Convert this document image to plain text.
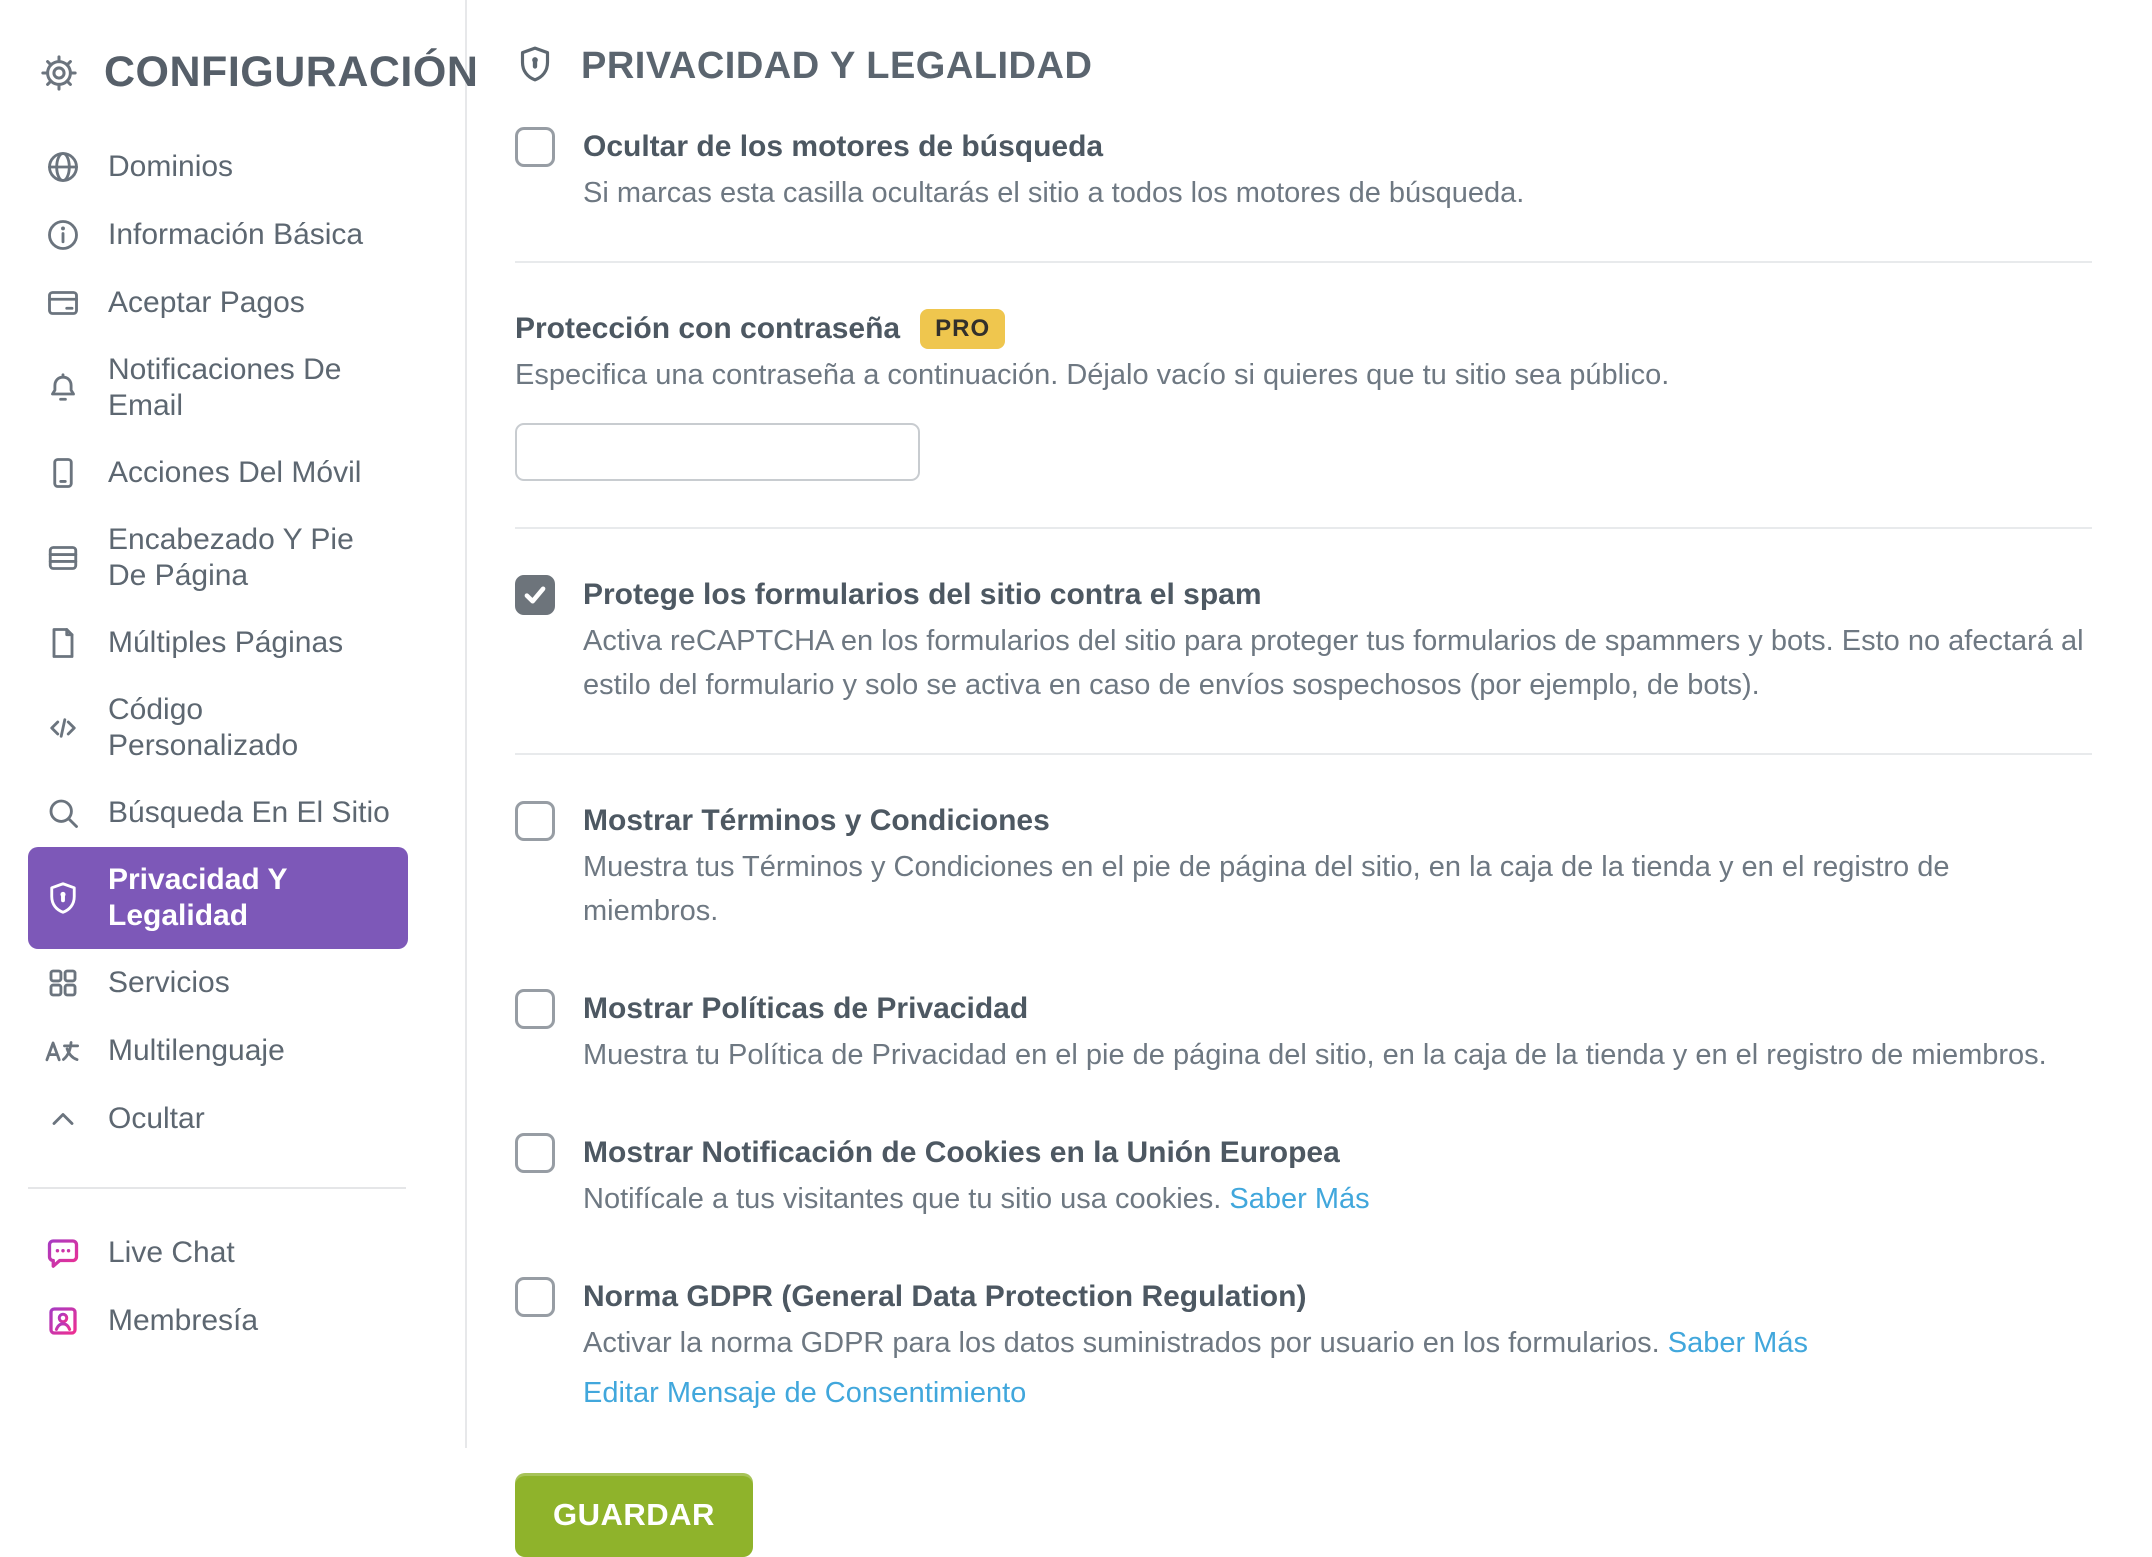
CONFIGURACIÓN
Dominios
Información Básica
Aceptar Pagos
Notificaciones De Email
Acciones Del Móvil
Encabezado Y Pie De Página
Múltiples Páginas
Código Personalizado
Búsqueda En El Sitio
Privacidad Y Legalidad
Servicios
Multilenguaje
Ocultar
Live Chat
Membresía
PRIVACIDAD Y LEGALIDAD
Ocultar de los motores de búsqueda
Si marcas esta casilla ocultarás el sitio a todos los motores de búsqueda.
Protección con contraseña	PRO
Especifica una contraseña a continuación. Déjalo vacío si quieres que tu sitio sea público.
Protege los formularios del sitio contra el spam
Activa reCAPTCHA en los formularios del sitio para proteger tus formularios de spammers y bots. Esto no afectará al estilo del formulario y solo se activa en caso de envíos sospechosos (por ejemplo, de bots).
Mostrar Términos y Condiciones
Muestra tus Términos y Condiciones en el pie de página del sitio, en la caja de la tienda y en el registro de miembros.
Mostrar Políticas de Privacidad
Muestra tu Política de Privacidad en el pie de página del sitio, en la caja de la tienda y en el registro de miembros.
Mostrar Notificación de Cookies en la Unión Europea
Notifícale a tus visitantes que tu sitio usa cookies. Saber Más
Norma GDPR (General Data Protection Regulation)
Activar la norma GDPR para los datos suministrados por usuario en los formularios. Saber Más
Editar Mensaje de Consentimiento
GUARDAR
